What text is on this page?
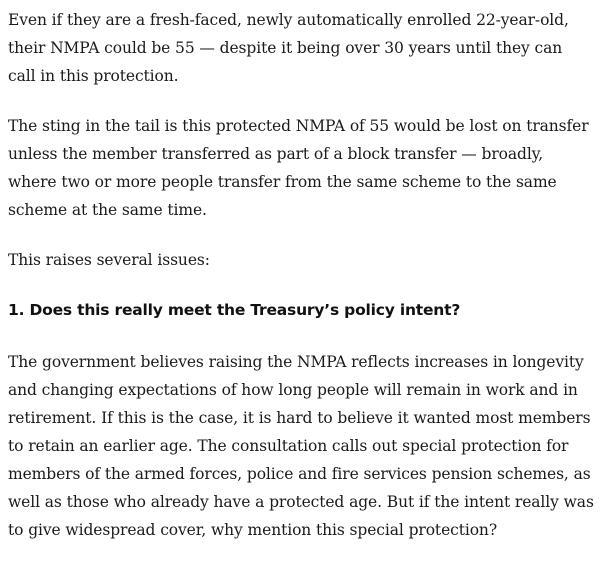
Even if they are a fresh-faced, newly automatically enrolled 22-year-old, their NMPA could be 55 — despite it being over 30 years until they can call in this protection.

The sting in the tail is this protected NMPA of 55 would be lost on transfer unless the member transferred as part of a block transfer — broadly, where two or more people transfer from the same scheme to the same scheme at the same time.

This raises several issues:

1. Does this really meet the Treasury’s policy intent?

The government believes raising the NMPA reflects increases in longevity and changing expectations of how long people will remain in work and in retirement. If this is the case, it is hard to believe it wanted most members to retain an earlier age. The consultation calls out special protection for members of the armed forces, police and fire services pension schemes, as well as those who already have a protected age. But if the intent really was to give widespread cover, why mention this special protection?
